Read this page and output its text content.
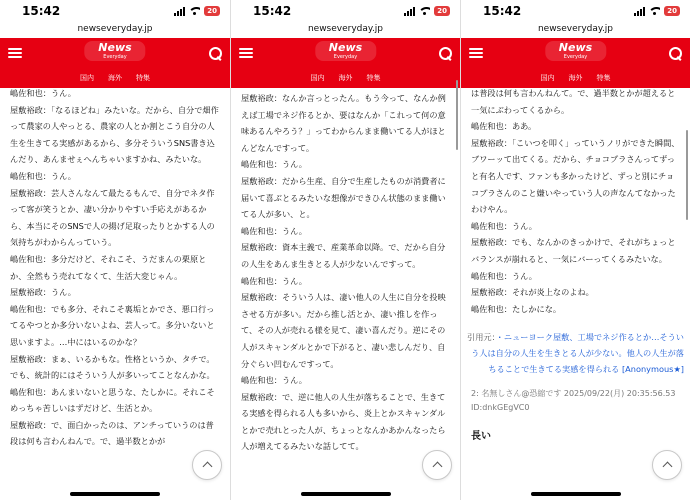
15:42	20
newseveryday.jp
News
Everyday
国内 海外 特集

嶋佐和也：うん。

屋敷裕政：「なるほどね」みたいな。だから、自分で畑作って農家の人やっとる、農家の人とか割とこう自分の人生を生きてる実感があるから、多分そういうSNS書き込んだり、あんませぇへんちゃいますかね、みたいな。

嶋佐和也：うん。

屋敷裕政：芸人さんなんて最たるもんで、自分でネタ作って客が笑うとか、凄い分かりやすい手応えがあるから、本当にそのSNSで人の揚げ足取ったりとかする人の気持ちがわからんっていう。

嶋佐和也：多分だけど、それこそ、うだまんの栗原とか、全然もう売れてなくて、生活大変じゃん。

屋敷裕政：うん。

嶋佐和也：でも多分、それこそ裏垢とかでさ、悪口行ってるやつとか多分いないよね、芸人って。多分いないと思いますよ。…中にはいるのかな？

屋敷裕政：まぁ、いるかもな。性格というか、タチで。でも、統計的にはそういう人が多いってことなんかな。

嶋佐和也：あんまいないと思うな、たしかに。それこそめっちゃ苦しいはずだけど、生活とか。

屋敷裕政：で、面白かったのは、アンチっていうのは普段は何も言わんねんで。で、過半数とかが

15:42	20
newseveryday.jp
News
Everyday
国内 海外 特集

屋敷裕政：なんか言っとったん。もう今って、なんか例えば工場でネジ作るとか、要はなんか「これって何の意味あるんやろう？」ってわからんまま働いてる人がほとんどなんですって。

嶋佐和也：うん。

屋敷裕政：だから生産、自分で生産したものが消費者に届いて喜ぶとるみたいな想像ができひん状態のまま働いてる人が多い、と。

嶋佐和也：うん。

屋敷裕政：資本主義で、産業革命以降。で、だから自分の人生をあんま生きとる人が少ないんですって。

嶋佐和也：うん。

屋敷裕政：そういう人は、凄い他人の人生に自分を投映させる方が多い。だから推し活とか、凄い推しを作って、その人が売れる様を見て、凄い喜んだり。逆にその人がスキャンダルとかで下がると、凄い悲しんだり、自分ぐらい凹むんですって。

嶋佐和也：うん。

屋敷裕政：で、逆に他人の人生が落ちることで、生きてる実感を得られる人も多いから、炎上とかスキャンダルとかで売れとった人が、ちょっとなんかあかんなったら人が増えてるみたいな話してて。

15:42	20
newseveryday.jp
News
Everyday
国内 海外 特集

は普段は何も言わんねんて。で、過半数とかが超えると一気にぶわってくるから。

嶋佐和也：ああ。

屋敷裕政：「こいつを叩く」っていうノリができた瞬間、ブワーッて出てくる。だから、チョコプラさんってずっと有名人です、ファンも多かったけど、ずっと別にチョコプラさんのこと嫌いやっていう人の声なんてなかったわけやん。

嶋佐和也：うん。

屋敷裕政：でも、なんかのきっかけで、それがちょっとバランスが崩れると、一気にバーってくるみたいな。

嶋佐和也：うん。

屋敷裕政：それが炎上なのよね。

嶋佐和也：たしかにな。

引用元：・ニューヨーク屋敷、工場でネジ作るとか…そういう人は自分の人生を生きとる人が少ない。他人の人生が落ちることで生きてる実感を得られる [Anonymous★]
2: 名無しさん@恐縮です 2025/09/22(月) 20:35:56.53 ID:dnkGEgVC0
長い
